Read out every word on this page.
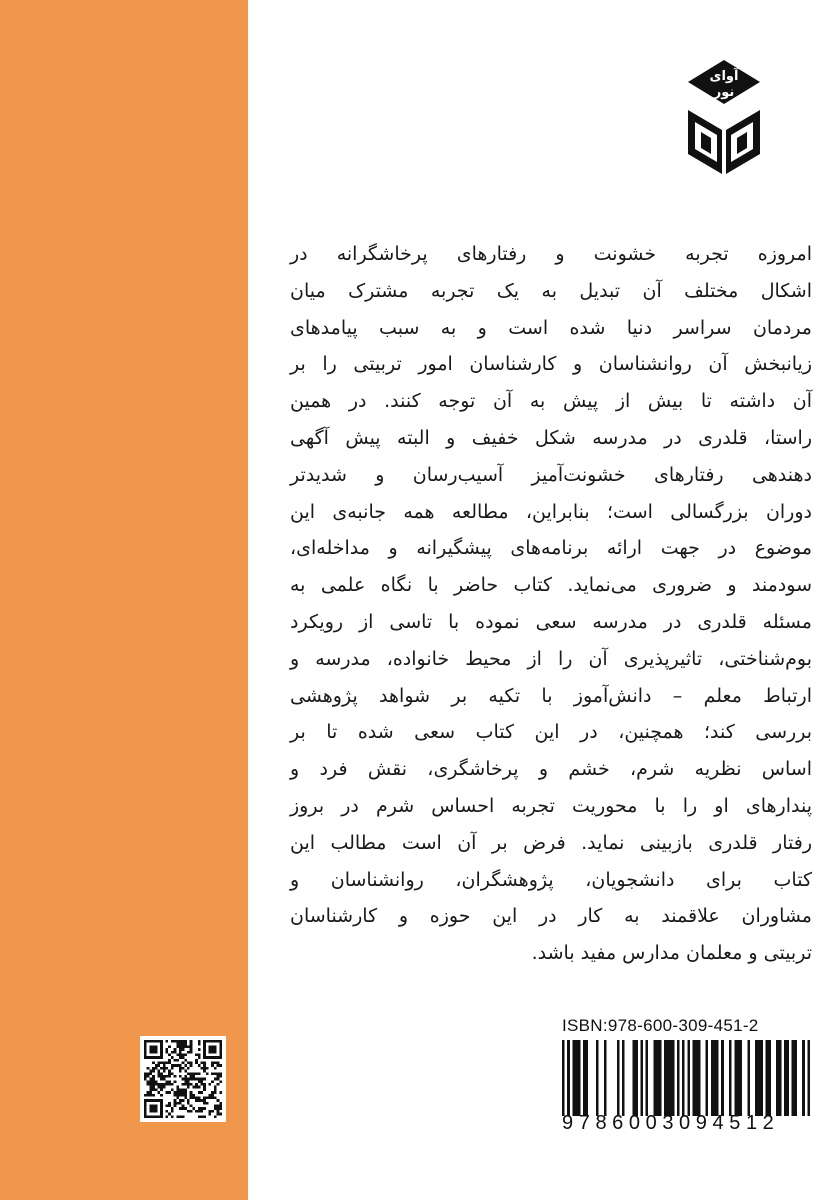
آوای
نور
امروزه تجربه خشونت و رفتارهای پرخاشگرانه در
اشکال مختلف آن تبدیل به یک تجربه مشترک میان
مردمان سراسر دنیا شده است و به سبب پیامدهای
زیانبخش آن روانشناسان و کارشناسان امور تربیتی را بر
آن داشته تا بیش از پیش به آن توجه کنند. در همین
راستا، قلدری در مدرسه شکل خفیف و البته پیش آگهی
دهندهی رفتارهای خشونت‌آمیز آسیب‌رسان و شدیدتر
دوران بزرگسالی است؛ بنابراین، مطالعه همه جانبه‌ی این
موضوع در جهت ارائه برنامه‌های پیشگیرانه و مداخله‌ای،
سودمند و ضروری می‌نماید. کتاب حاضر با نگاه علمی به
مسئله قلدری در مدرسه سعی نموده با تاسی از رویکرد
بوم‌شناختی، تاثیرپذیری آن را از محیط خانواده، مدرسه و
ارتباط معلم – دانش‌آموز با تکیه بر شواهد پژوهشی
بررسی کند؛ همچنین، در این کتاب سعی شده تا بر
اساس نظریه شرم، خشم و پرخاشگری، نقش فرد و
پندارهای او را با محوریت تجربه احساس شرم در بروز
رفتار قلدری بازبینی نماید. فرض بر آن است مطالب این
کتاب برای دانشجویان، پژوهشگران، روانشناسان و
مشاوران علاقمند به کار در این حوزه و کارشناسان
تربیتی و معلمان مدارس مفید باشد.
ISBN:978-600-309-451-2
9786003094512
